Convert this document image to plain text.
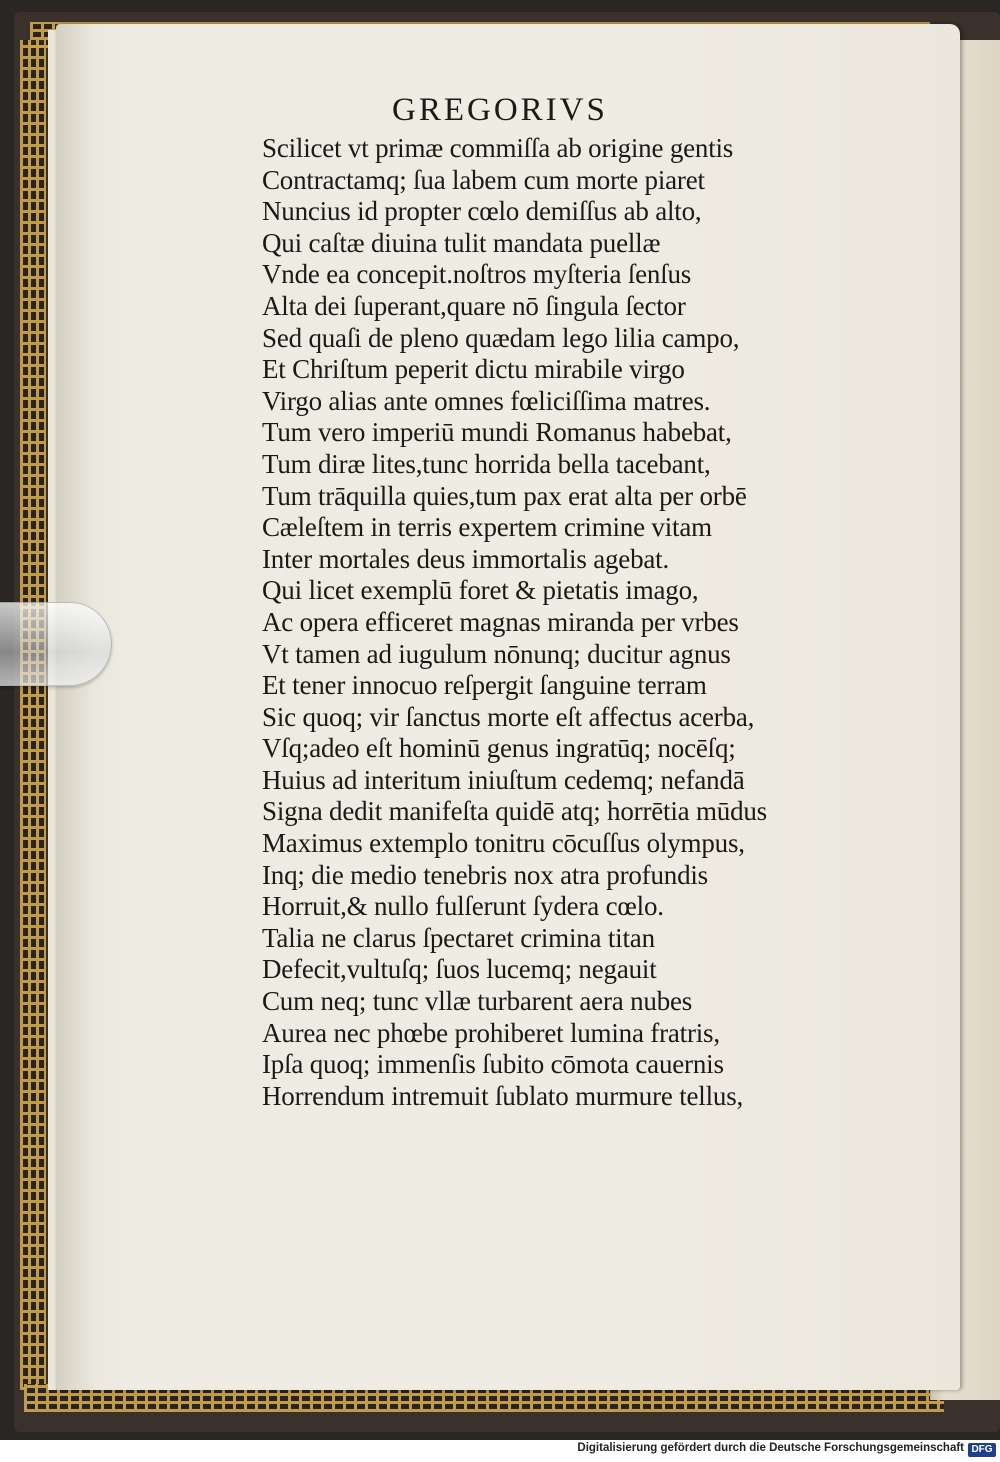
GREGORIVS
Scilicet vt primæ commiſſa ab origine gentis
Contractamq; ſua labem cum morte piaret
Nuncius id propter cœlo demiſſus ab alto,
Qui caſtæ diuina tulit mandata puellæ
Vnde ea concepit.noſtros myſteria ſenſus
Alta dei ſuperant,quare nō ſingula ſector
Sed quaſi de pleno quædam lego lilia campo,
Et Chriſtum peperit dictu mirabile virgo
Virgo alias ante omnes fœliciſſima matres.
Tum vero imperiū mundi Romanus habebat,
Tum diræ lites,tunc horrida bella tacebant,
Tum trāquilla quies,tum pax erat alta per orbē
Cæleſtem in terris expertem crimine vitam
Inter mortales deus immortalis agebat.
Qui licet exemplū foret & pietatis imago,
Ac opera efficeret magnas miranda per vrbes
Vt tamen ad iugulum nōnunq; ducitur agnus
Et tener innocuo reſpergit ſanguine terram
Sic quoq; vir ſanctus morte eſt affectus acerba,
Vſq;adeo eſt hominū genus ingratūq; nocēſq;
Huius ad interitum iniuſtum cedemq; nefandā
Signa dedit manifeſta quidē atq; horrētia mūdus
Maximus extemplo tonitru cōcuſſus olympus,
Inq; die medio tenebris nox atra profundis
Horruit,& nullo fulſerunt ſydera cœlo.
Talia ne clarus ſpectaret crimina titan
Defecit,vultuſq; ſuos lucemq; negauit
Cum neq; tunc vllæ turbarent aera nubes
Aurea nec phœbe prohiberet lumina fratris,
Ipſa quoq; immenſis ſubito cōmota cauernis
Horrendum intremuit ſublato murmure tellus,
Digitalisierung gefördert durch die Deutsche Forschungsgemeinschaft DFG
